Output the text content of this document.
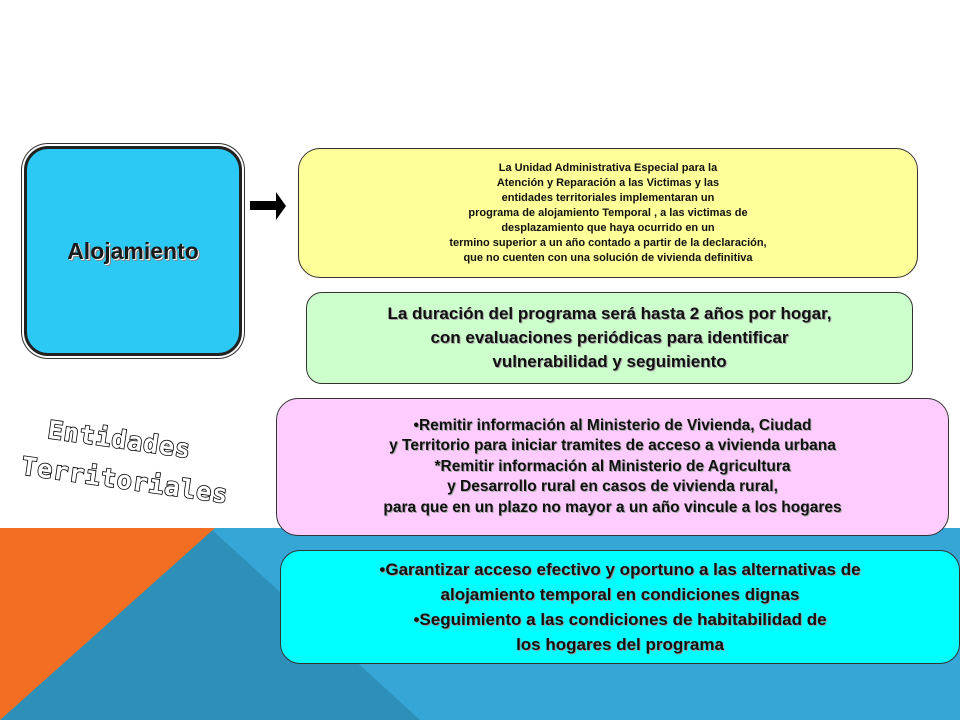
Alojamiento

La Unidad Administrativa Especial para la

Atención y Reparación a las Victimas y las

entidades territoriales implementaran un

programa de alojamiento Temporal , a las victimas de

desplazamiento que haya ocurrido en un

termino superior a un año contado a partir de la declaración,

que no cuenten con una solución de vivienda definitiva

La duración del programa será hasta 2 años por hogar,

con evaluaciones periódicas para identificar

vulnerabilidad y seguimiento

Entidades
Territoriales

•Remitir información al Ministerio de Vivienda, Ciudad

y Territorio para iniciar tramites de acceso a vivienda urbana

*Remitir información al Ministerio de Agricultura

y Desarrollo rural en casos de vivienda rural,

para que en un plazo no mayor a un año vincule a los hogares

•Garantizar acceso efectivo y oportuno a las alternativas de

alojamiento temporal en condiciones dignas

•Seguimiento a las condiciones de habitabilidad de

los hogares del programa
